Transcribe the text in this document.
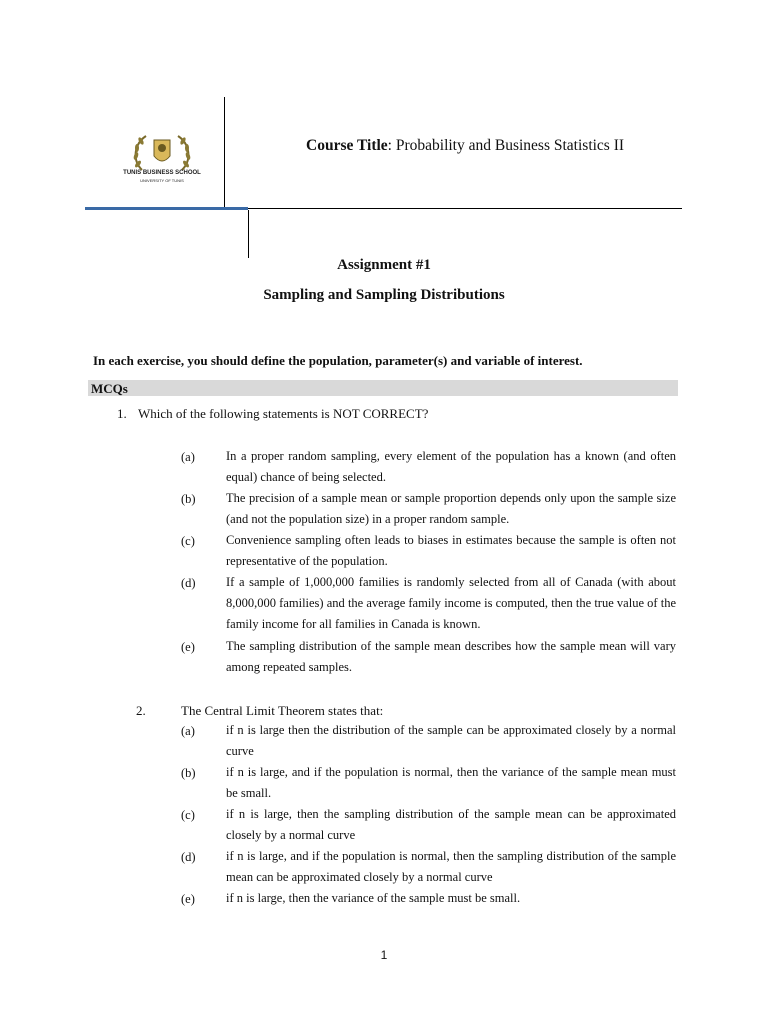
TUNIS BUSINESS SCHOOL
UNIVERSITY OF TUNIS
Course Title: Probability and Business Statistics II
Assignment #1
Sampling and Sampling Distributions
In each exercise, you should define the population, parameter(s) and variable of interest.
MCQs
1. Which of the following statements is NOT CORRECT?
(a) In a proper random sampling, every element of the population has a known (and often equal) chance of being selected.
(b) The precision of a sample mean or sample proportion depends only upon the sample size (and not the population size) in a proper random sample.
(c) Convenience sampling often leads to biases in estimates because the sample is often not representative of the population.
(d) If a sample of 1,000,000 families is randomly selected from all of Canada (with about 8,000,000 families) and the average family income is computed, then the true value of the family income for all families in Canada is known.
(e) The sampling distribution of the sample mean describes how the sample mean will vary among repeated samples.
2.	The Central Limit Theorem states that:
(a) if n is large then the distribution of the sample can be approximated closely by a normal curve
(b) if n is large, and if the population is normal, then the variance of the sample mean must be small.
(c) if n is large, then the sampling distribution of the sample mean can be approximated closely by a normal curve
(d) if n is large, and if the population is normal, then the sampling distribution of the sample mean can be approximated closely by a normal curve
(e) if n is large, then the variance of the sample must be small.
1
